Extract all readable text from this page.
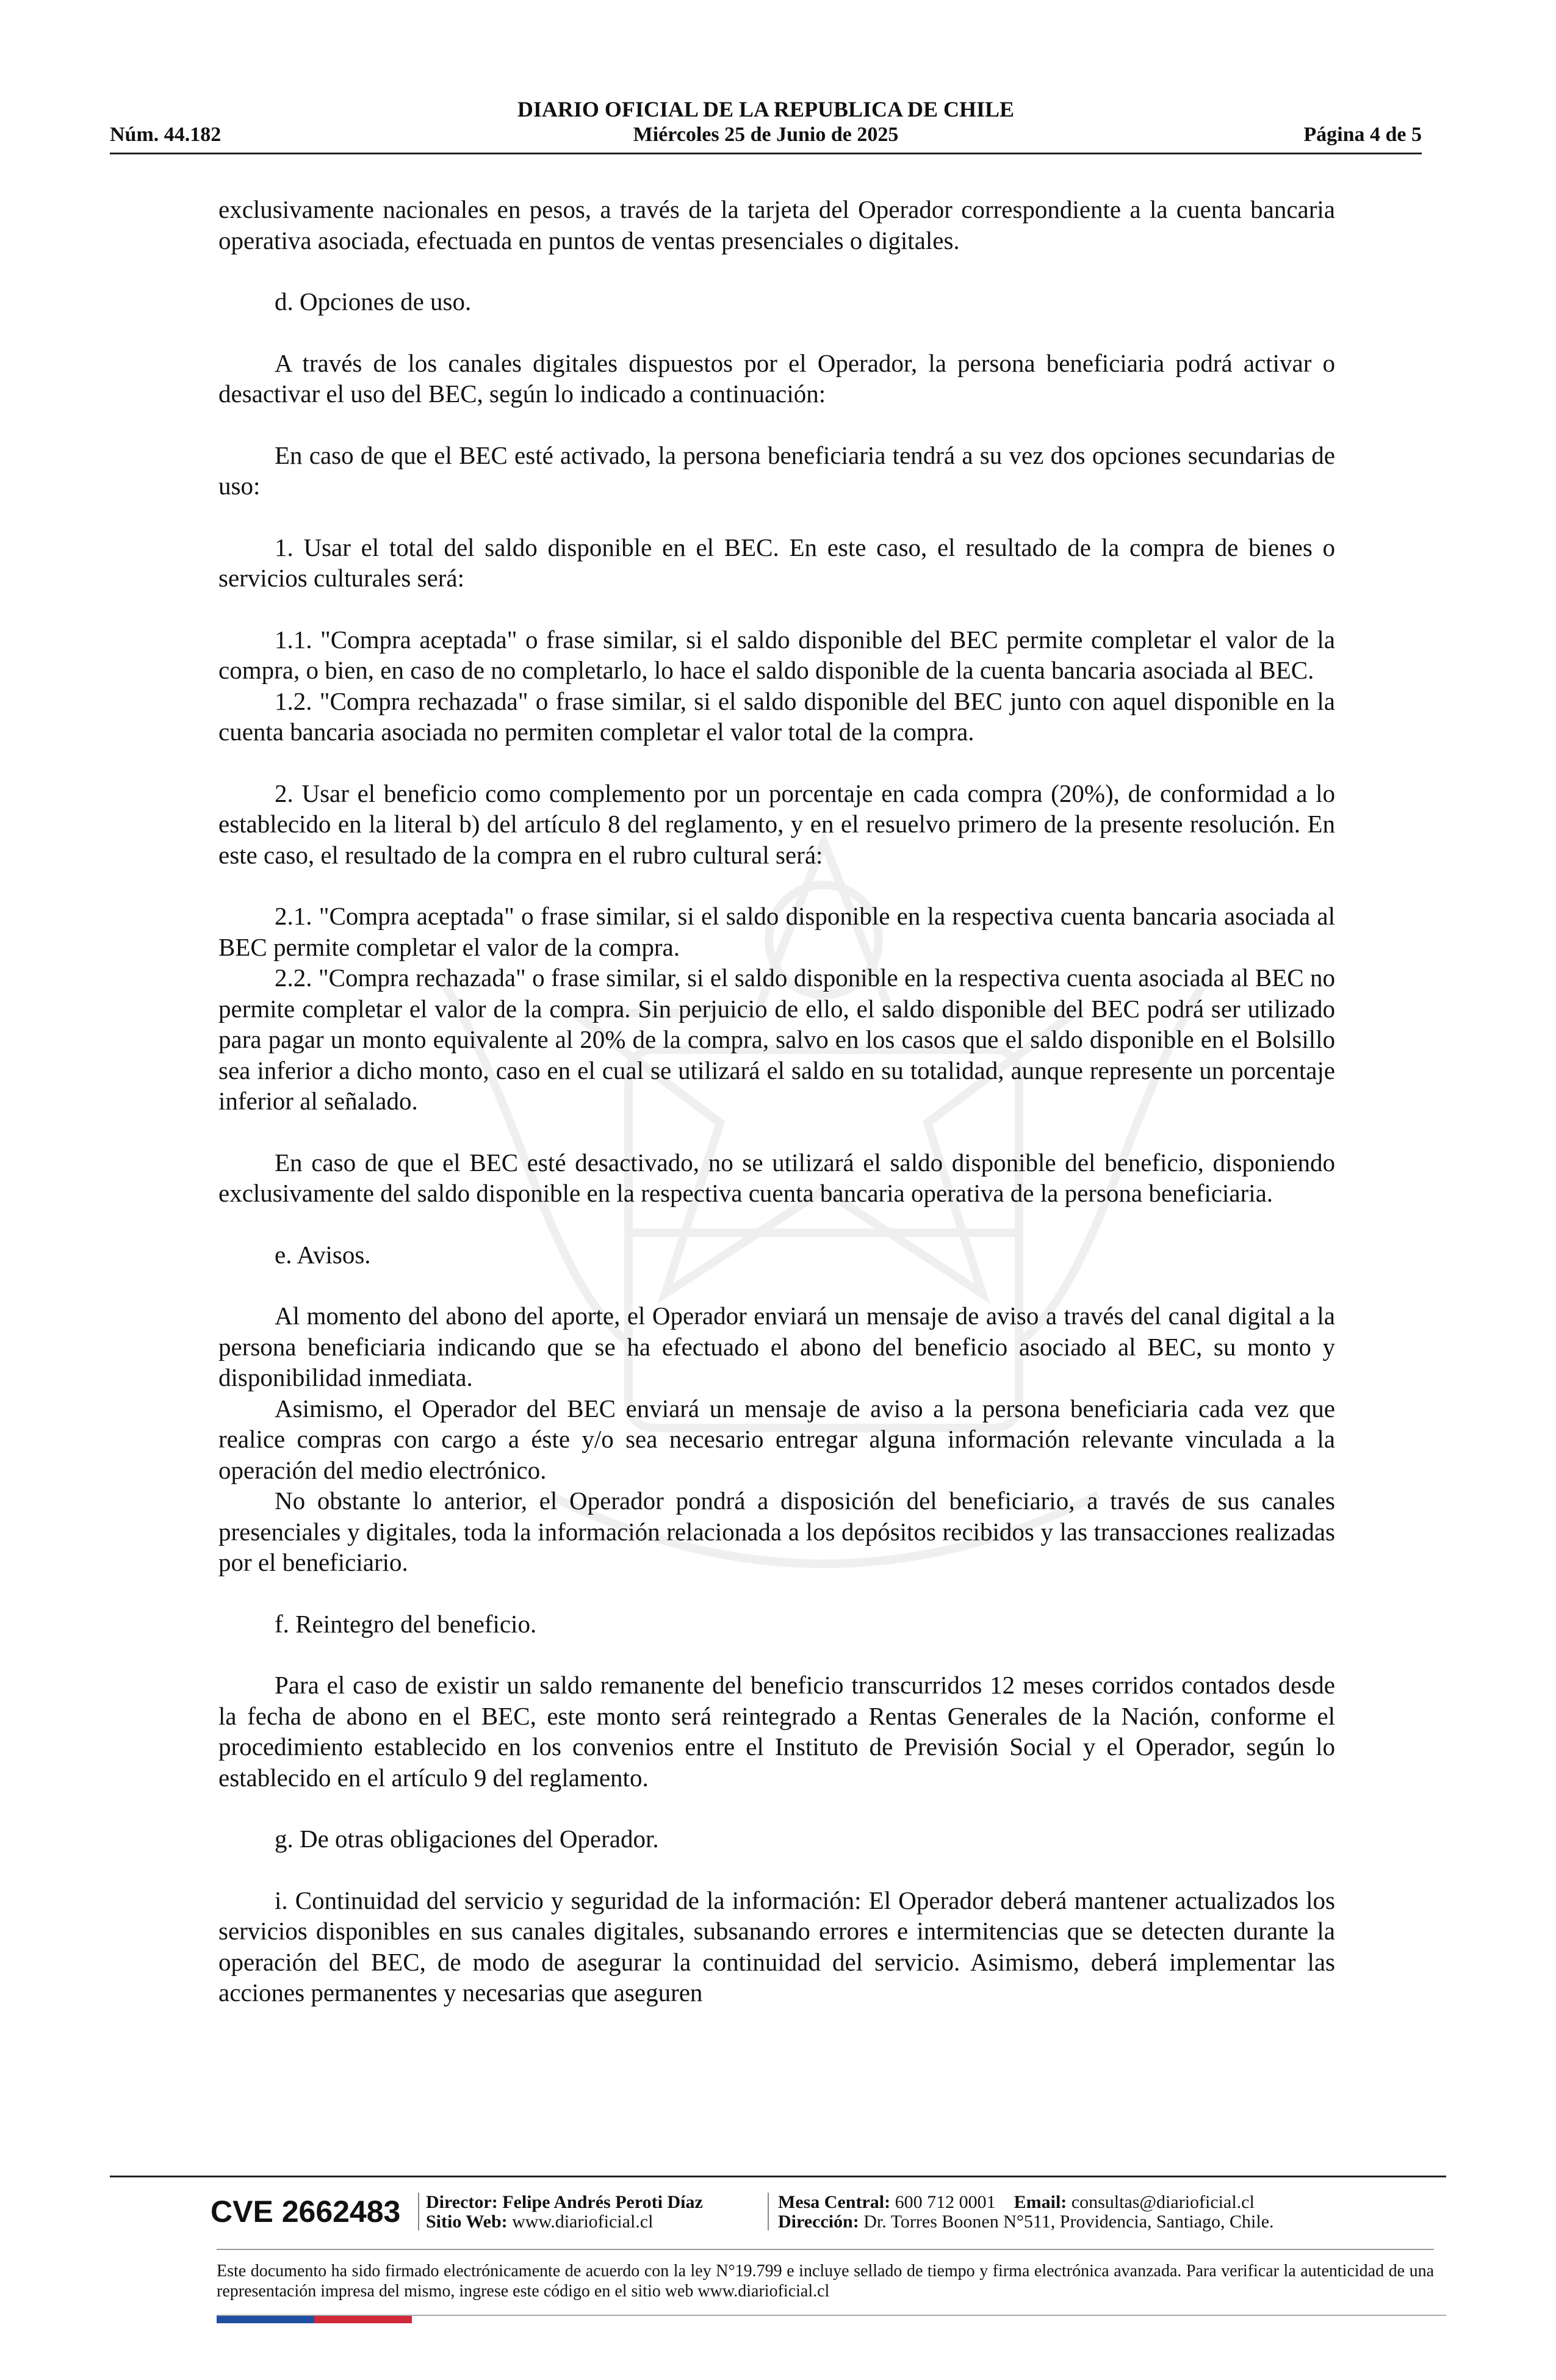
DIARIO OFICIAL DE LA REPUBLICA DE CHILE
Núm. 44.182	Miércoles 25 de Junio de 2025	Página 4 de 5

exclusivamente nacionales en pesos, a través de la tarjeta del Operador correspondiente a la cuenta bancaria operativa asociada, efectuada en puntos de ventas presenciales o digitales.

d. Opciones de uso.

A través de los canales digitales dispuestos por el Operador, la persona beneficiaria podrá activar o desactivar el uso del BEC, según lo indicado a continuación:

En caso de que el BEC esté activado, la persona beneficiaria tendrá a su vez dos opciones secundarias de uso:

1. Usar el total del saldo disponible en el BEC. En este caso, el resultado de la compra de bienes o servicios culturales será:

1.1. "Compra aceptada" o frase similar, si el saldo disponible del BEC permite completar el valor de la compra, o bien, en caso de no completarlo, lo hace el saldo disponible de la cuenta bancaria asociada al BEC.

1.2. "Compra rechazada" o frase similar, si el saldo disponible del BEC junto con aquel disponible en la cuenta bancaria asociada no permiten completar el valor total de la compra.

2. Usar el beneficio como complemento por un porcentaje en cada compra (20%), de conformidad a lo establecido en la literal b) del artículo 8 del reglamento, y en el resuelvo primero de la presente resolución. En este caso, el resultado de la compra en el rubro cultural será:

2.1. "Compra aceptada" o frase similar, si el saldo disponible en la respectiva cuenta bancaria asociada al BEC permite completar el valor de la compra.

2.2. "Compra rechazada" o frase similar, si el saldo disponible en la respectiva cuenta asociada al BEC no permite completar el valor de la compra. Sin perjuicio de ello, el saldo disponible del BEC podrá ser utilizado para pagar un monto equivalente al 20% de la compra, salvo en los casos que el saldo disponible en el Bolsillo sea inferior a dicho monto, caso en el cual se utilizará el saldo en su totalidad, aunque represente un porcentaje inferior al señalado.

En caso de que el BEC esté desactivado, no se utilizará el saldo disponible del beneficio, disponiendo exclusivamente del saldo disponible en la respectiva cuenta bancaria operativa de la persona beneficiaria.

e. Avisos.

Al momento del abono del aporte, el Operador enviará un mensaje de aviso a través del canal digital a la persona beneficiaria indicando que se ha efectuado el abono del beneficio asociado al BEC, su monto y disponibilidad inmediata.

Asimismo, el Operador del BEC enviará un mensaje de aviso a la persona beneficiaria cada vez que realice compras con cargo a éste y/o sea necesario entregar alguna información relevante vinculada a la operación del medio electrónico.

No obstante lo anterior, el Operador pondrá a disposición del beneficiario, a través de sus canales presenciales y digitales, toda la información relacionada a los depósitos recibidos y las transacciones realizadas por el beneficiario.

f. Reintegro del beneficio.

Para el caso de existir un saldo remanente del beneficio transcurridos 12 meses corridos contados desde la fecha de abono en el BEC, este monto será reintegrado a Rentas Generales de la Nación, conforme el procedimiento establecido en los convenios entre el Instituto de Previsión Social y el Operador, según lo establecido en el artículo 9 del reglamento.

g. De otras obligaciones del Operador.

i. Continuidad del servicio y seguridad de la información: El Operador deberá mantener actualizados los servicios disponibles en sus canales digitales, subsanando errores e intermitencias que se detecten durante la operación del BEC, de modo de asegurar la continuidad del servicio. Asimismo, deberá implementar las acciones permanentes y necesarias que aseguren

CVE 2662483 Director: Felipe Andrés Peroti Díaz
Sitio Web: www.diarioficial.cl
Mesa Central: 600 712 0001 Email: consultas@diarioficial.cl
Dirección: Dr. Torres Boonen N°511, Providencia, Santiago, Chile.
Este documento ha sido firmado electrónicamente de acuerdo con la ley N°19.799 e incluye sellado de tiempo y firma electrónica avanzada. Para verificar la autenticidad de una representación impresa del mismo, ingrese este código en el sitio web www.diarioficial.cl
